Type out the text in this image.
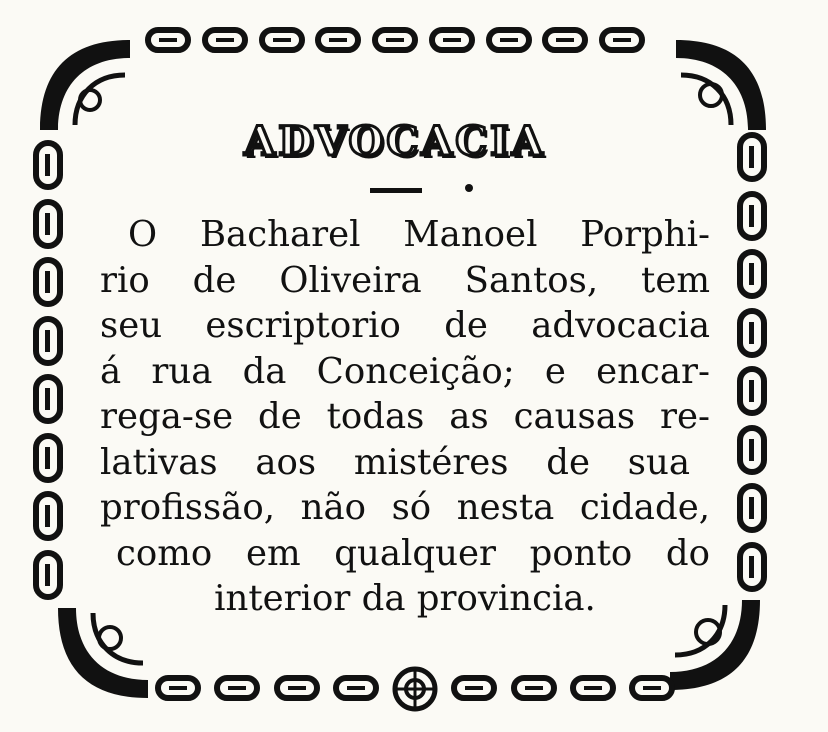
ADVOCACIA
O Bacharel Manoel Porphi-
rio de Oliveira Santos, tem
seu escriptorio de advocacia
á rua da Conceição; e encar-
rega-se de todas as causas re-
lativas aos mistéres de sua
profissão, não só nesta cidade,
como em qualquer ponto do
interior da provincia.
